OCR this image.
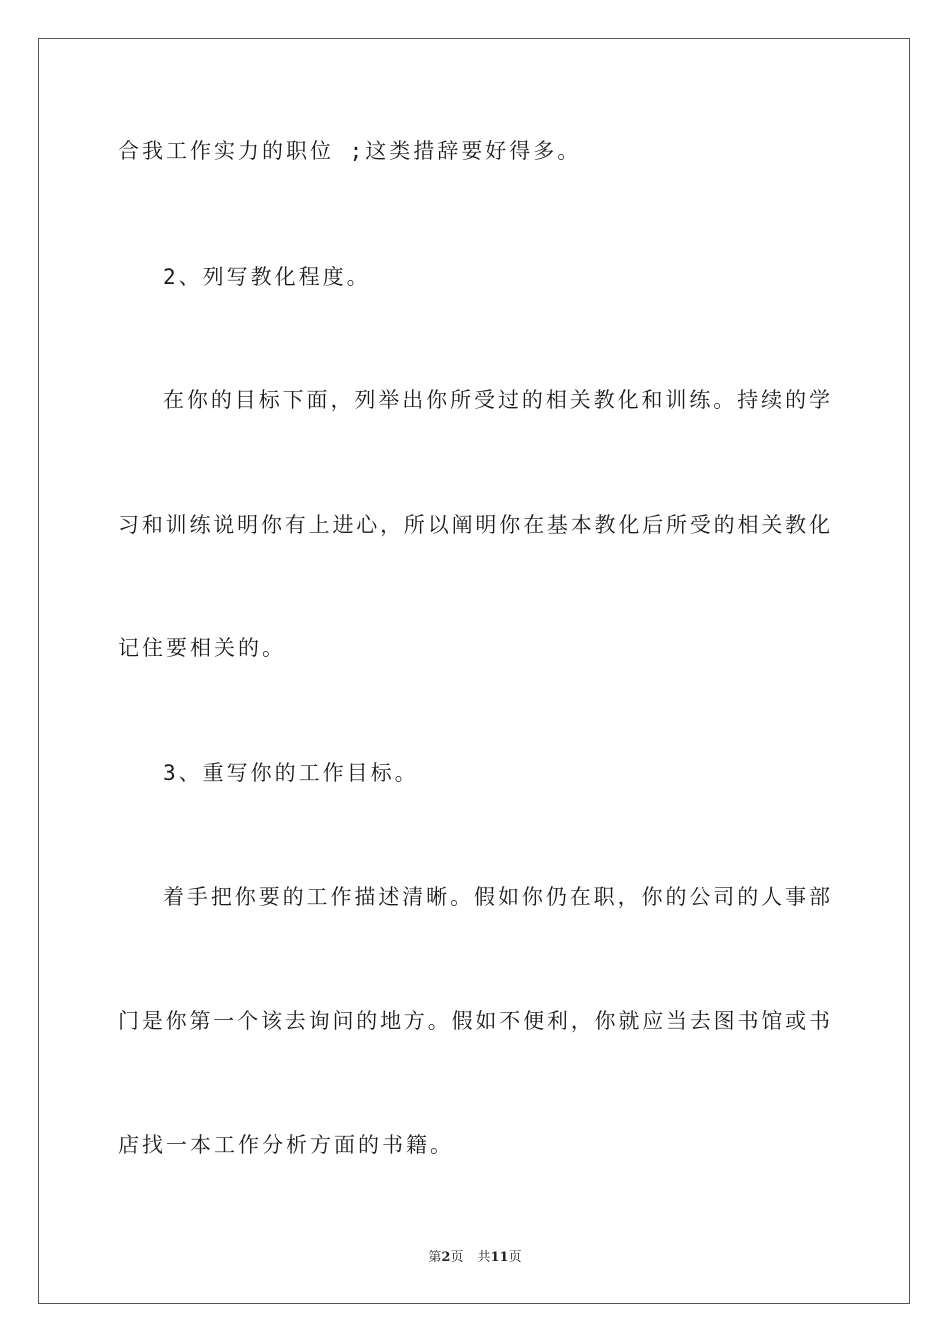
合我工作实力的职位 ;这类措辞要好得多。
2、列写教化程度。
在你的目标下面，列举出你所受过的相关教化和训练。持续的学
习和训练说明你有上进心，所以阐明你在基本教化后所受的相关教化
记住要相关的。
3、重写你的工作目标。
着手把你要的工作描述清晰。假如你仍在职，你的公司的人事部
门是你第一个该去询问的地方。假如不便利，你就应当去图书馆或书
店找一本工作分析方面的书籍。
第2页 共11页
